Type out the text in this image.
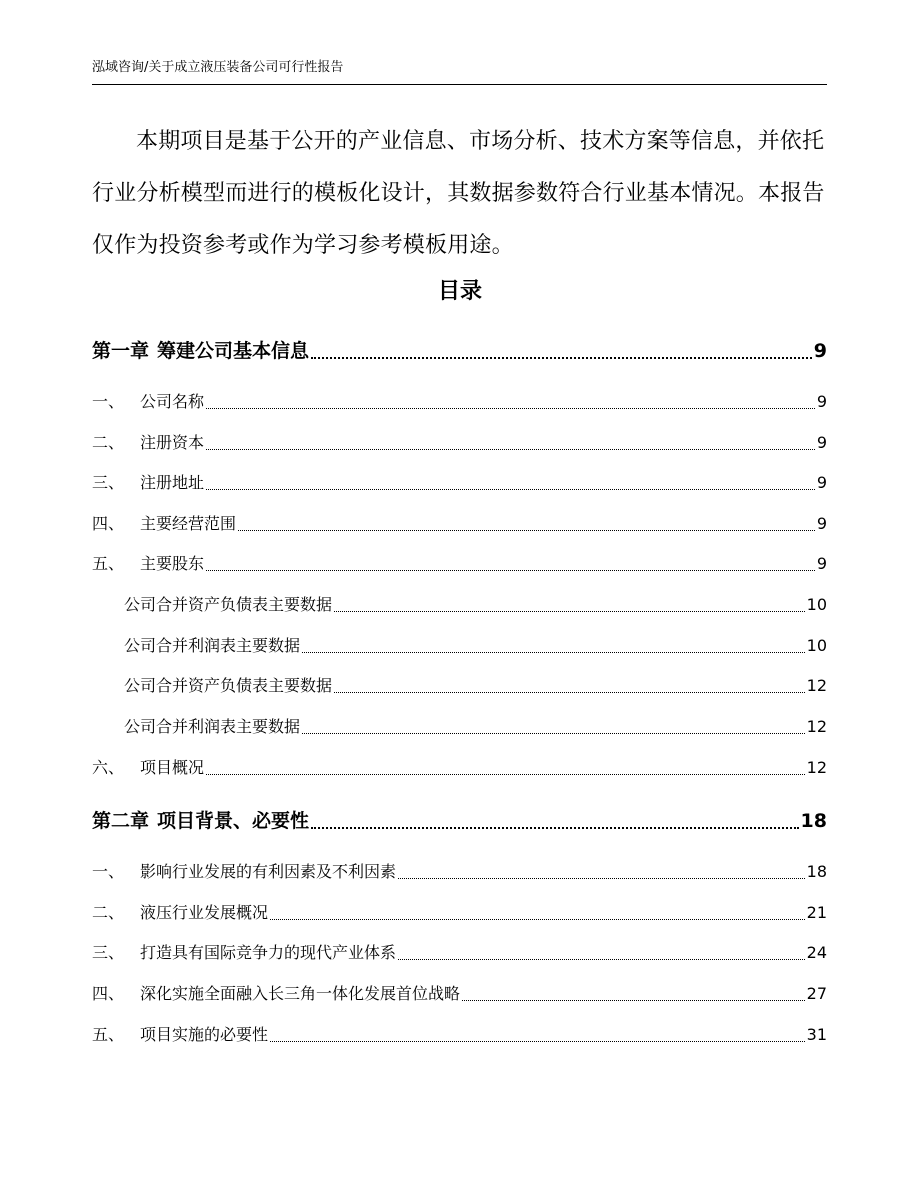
泓域咨询/关于成立液压装备公司可行性报告

本期项目是基于公开的产业信息、市场分析、技术方案等信息，并依托行业分析模型而进行的模板化设计，其数据参数符合行业基本情况。本报告仅作为投资参考或作为学习参考模板用途。

目录
第一章 筹建公司基本信息	9
一、 公司名称	9
二、 注册资本	9
三、 注册地址	9
四、 主要经营范围	9
五、 主要股东	9
公司合并资产负债表主要数据	10
公司合并利润表主要数据	10
公司合并资产负债表主要数据	12
公司合并利润表主要数据	12
六、 项目概况	12
第二章 项目背景、必要性	18
一、 影响行业发展的有利因素及不利因素	18
二、 液压行业发展概况	21
三、 打造具有国际竞争力的现代产业体系	24
四、 深化实施全面融入长三角一体化发展首位战略	27
五、 项目实施的必要性	31
